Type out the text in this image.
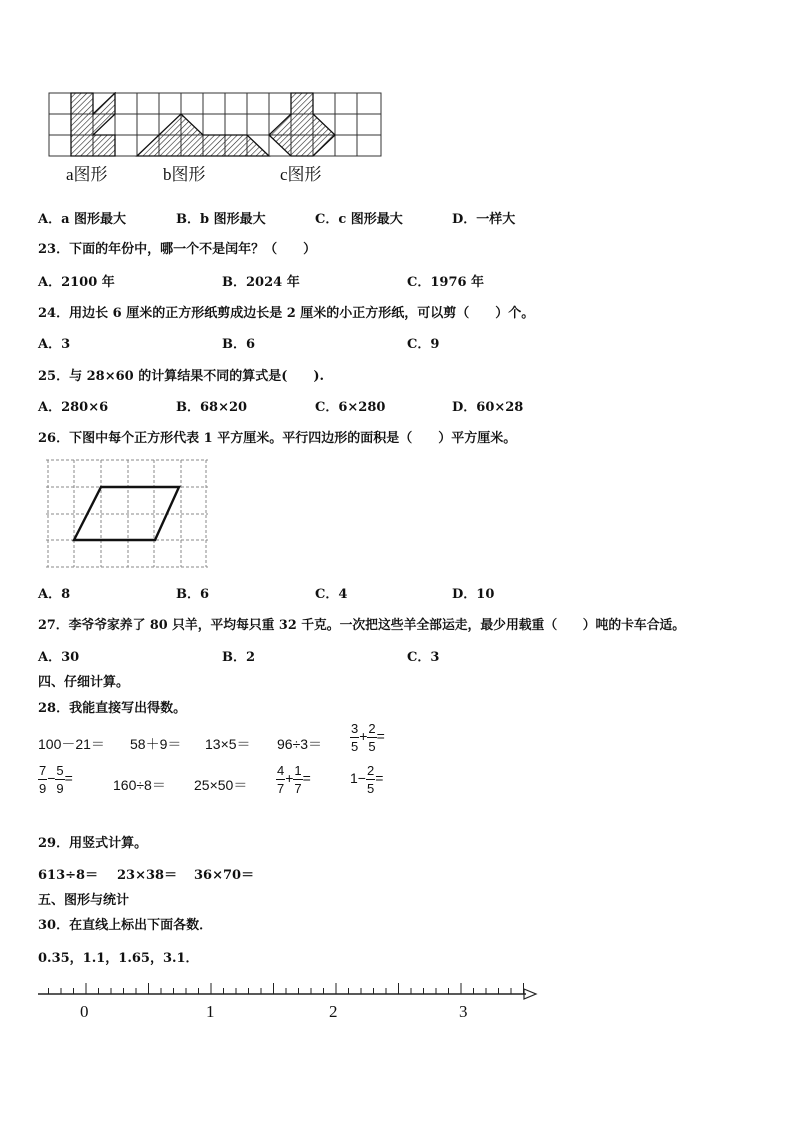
a图形	b图形	c图形
A．a 图形最大	B．b 图形最大	C．c 图形最大	D．一样大
23．下面的年份中，哪一个不是闰年？（　　）
A．2100 年	B．2024 年	C．1976 年
24．用边长 6 厘米的正方形纸剪成边长是 2 厘米的小正方形纸，可以剪（　　）个。
A．3	B．6	C．9
25．与 28×60 的计算结果不同的算式是(　　).
A．280×6	B．68×20	C．6×280	D．60×28
26．下图中每个正方形代表 1 平方厘米。平行四边形的面积是（　　）平方厘米。
A．8	B．6	C．4	D．10
27．李爷爷家养了 80 只羊，平均每只重 32 千克。一次把这些羊全部运走，最少用载重（　　）吨的卡车合适。
A．30	B．2	C．3
四、仔细计算。
28．我能直接写出得数。
$100-21= 58+9= 13\times 5= 96\div 3= \frac{3}{5} + \frac{2}{5}$ =
$\frac{7}{9} - \frac{5}{9}$ =	$160\div 8= 25\times 50= \frac{4}{7} + \frac{1}{7}$ =	$1- \frac{2}{5}$ =
29．用竖式计算。
613÷8＝ 23×38＝ 36×70＝
五、图形与统计
30．在直线上标出下面各数．
0.35，1.1，1.65，3.1．
0	1	2	3
